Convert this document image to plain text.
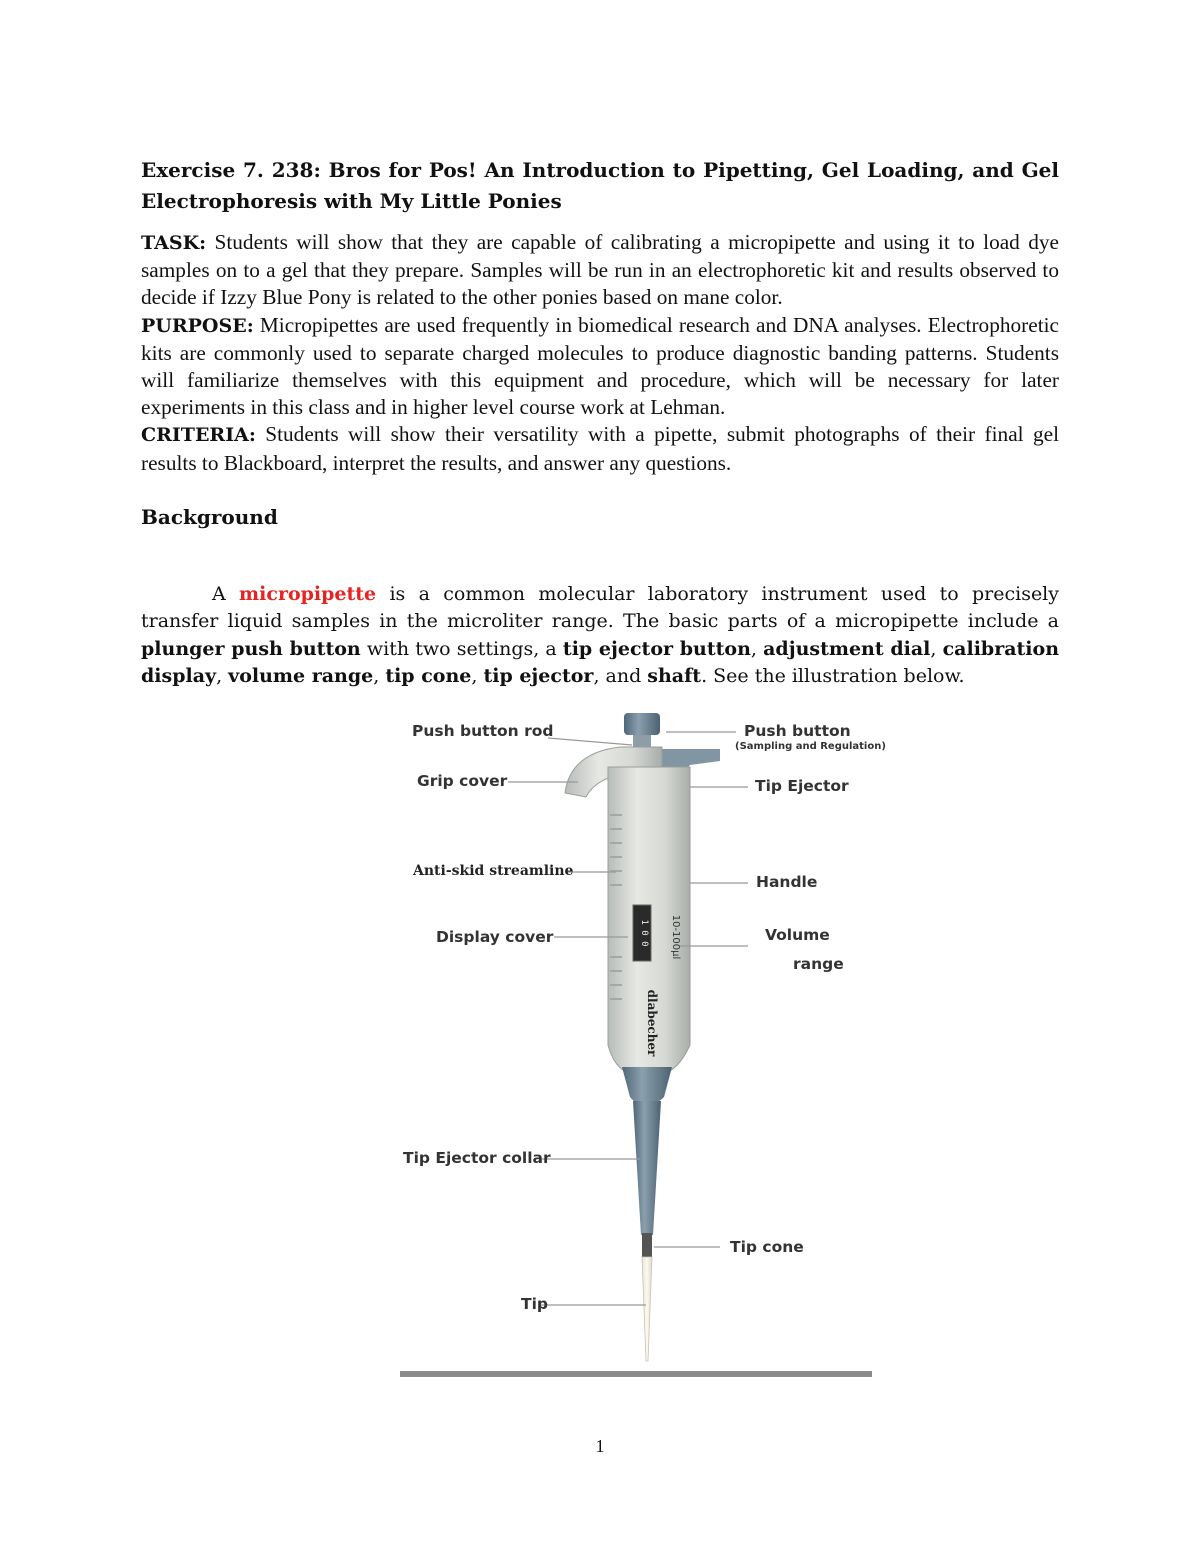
Exercise 7. 238: Bros for Pos! An Introduction to Pipetting, Gel Loading, and Gel Electrophoresis with My Little Ponies

TASK: Students will show that they are capable of calibrating a micropipette and using it to load dye samples on to a gel that they prepare. Samples will be run in an electrophoretic kit and results observed to decide if Izzy Blue Pony is related to the other ponies based on mane color.

PURPOSE: Micropipettes are used frequently in biomedical research and DNA analyses. Electrophoretic kits are commonly used to separate charged molecules to produce diagnostic banding patterns. Students will familiarize themselves with this equipment and procedure, which will be necessary for later experiments in this class and in higher level course work at Lehman.

CRITERIA: Students will show their versatility with a pipette, submit photographs of their final gel results to Blackboard, interpret the results, and answer any questions.

Background

A micropipette is a common molecular laboratory instrument used to precisely transfer liquid samples in the microliter range. The basic parts of a micropipette include a plunger push button with two settings, a tip ejector button, adjustment dial, calibration display, volume range, tip cone, tip ejector, and shaft. See the illustration below.

1 0 0 10-100μl
dlabecher
Push button rod
Grip cover
Anti-skid streamline
Display cover
Tip Ejector collar
Tip
Push button
(Sampling and Regulation)
Tip Ejector
Handle
Volume
range
Tip cone
1
